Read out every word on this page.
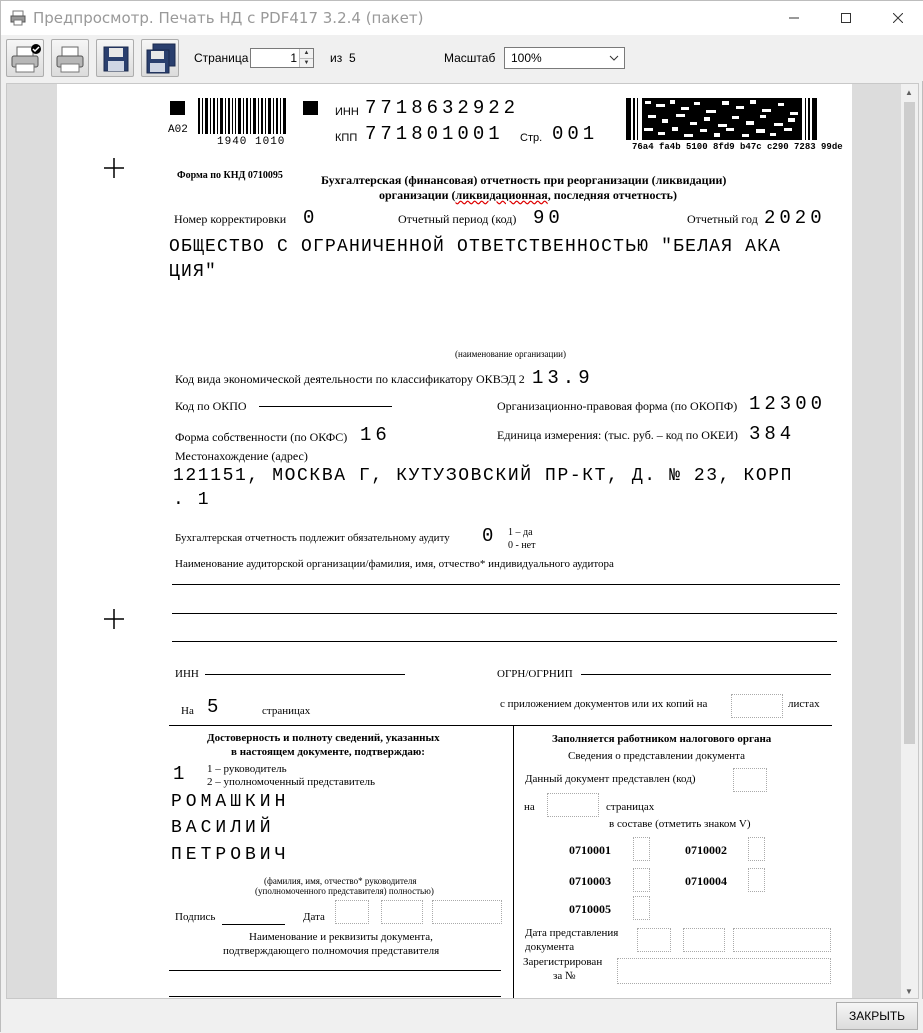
Предпросмотр. Печать НД с PDF417 3.2.4 (пакет)
Страница	из 5	Масштаб
1	▲
▼	100%
А02
1940 1010
ИНН 7718632922
КПП 771801001 Стр. 001
76a4 fa4b 5100 8fd9 b47c c290 7283 99de
Форма по КНД 0710095	Бухгалтерская (финансовая) отчетность при реорганизации (ликвидации)
организации (ликвидационная, последняя отчетность)
Номер корректировки 0	Отчетный период (код) 90	Отчетный год 2020
ОБЩЕСТВО С ОГРАНИЧЕННОЙ ОТВЕТСТВЕННОСТЬЮ "БЕЛАЯ АКА
ЦИЯ"
(наименование организации)
Код вида экономической деятельности по классификатору ОКВЭД 2 13.9
Код по ОКПО	Организационно-правовая форма (по ОКОПФ) 12300
Форма собственности (по ОКФС) 16	Единица измерения: (тыс. руб. – код по ОКЕИ) 384
Местонахождение (адрес)
121151, МОСКВА Г, КУТУЗОВСКИЙ ПР-КТ, Д. № 23, КОРП
. 1
Бухгалтерская отчетность подлежит обязательному аудиту 0 1 – да
0 - нет
Наименование аудиторской организации/фамилия, имя, отчество* индивидуального аудитора
ИНН	ОГРН/ОГРНИП
На 5	страницах
с приложением документов или их копий на	листах
Достоверность и полноту сведений, указанных
в настоящем документе, подтверждаю:
1 1 – руководитель
2 – уполномоченный представитель
РОМАШКИН
ВАСИЛИЙ
ПЕТРОВИЧ
(фамилия, имя, отчество* руководителя
(уполномоченного представителя) полностью)
Подпись	Дата
Наименование и реквизиты документа,
подтверждающего полномочия представителя
Заполняется работником налогового органа
Сведения о представлении документа
Данный документ представлен (код)
на	страницах
в составе (отметить знаком V)
0710001	0710002
0710003	0710004
0710005
Дата представления
документа
Зарегистрирован
за №
▲
▼
ЗАКРЫТЬ
